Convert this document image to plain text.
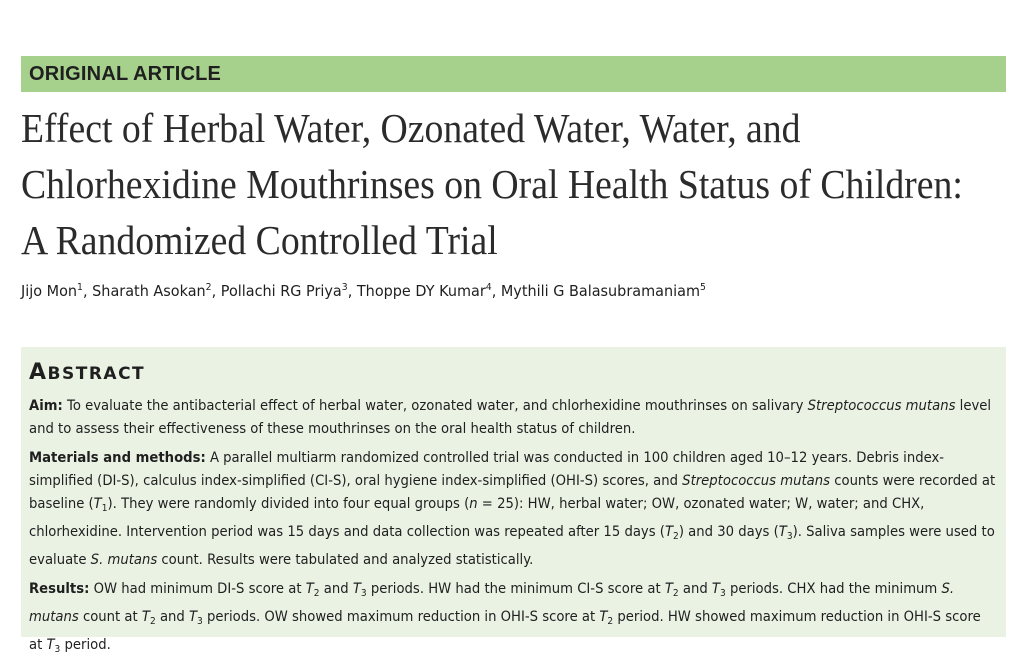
ORIGINAL ARTICLE
Effect of Herbal Water, Ozonated Water, Water, and
Chlorhexidine Mouthrinses on Oral Health Status of Children:
A Randomized Controlled Trial
Jijo Mon$^1$, Sharath Asokan$^2$, Pollachi RG Priya$^3$, Thoppe DY Kumar$^4$, Mythili G Balasubramaniam$^5$
ABSTRACT

Aim: To evaluate the antibacterial effect of herbal water, ozonated water, and chlorhexidine mouthrinses on salivary Streptococcus mutans level and to assess their effectiveness of these mouthrinses on the oral health status of children.

Materials and methods: A parallel multiarm randomized controlled trial was conducted in 100 children aged 10–12 years. Debris index-simplified (DI-S), calculus index-simplified (CI-S), oral hygiene index-simplified (OHI-S) scores, and Streptococcus mutans counts were recorded at baseline $(T_1)$. They were randomly divided into four equal groups (n = 25): HW, herbal water; OW, ozonated water; W, water; and CHX, chlorhexidine. Intervention period was 15 days and data collection was repeated after 15 days $(T_2)$ and 30 days $(T_3)$. Saliva samples were used to evaluate S. mutans count. Results were tabulated and analyzed statistically.

Results: OW had minimum DI-S score at $T_2$ and $T_3$ periods. HW had the minimum CI-S score at $T_2$ and $T_3$ periods. CHX had the minimum S. mutans count at $T_2$ and $T_3$ periods. OW showed maximum reduction in OHI-S score at $T_2$ period. HW showed maximum reduction in OHI-S score at $T_3$ period.
